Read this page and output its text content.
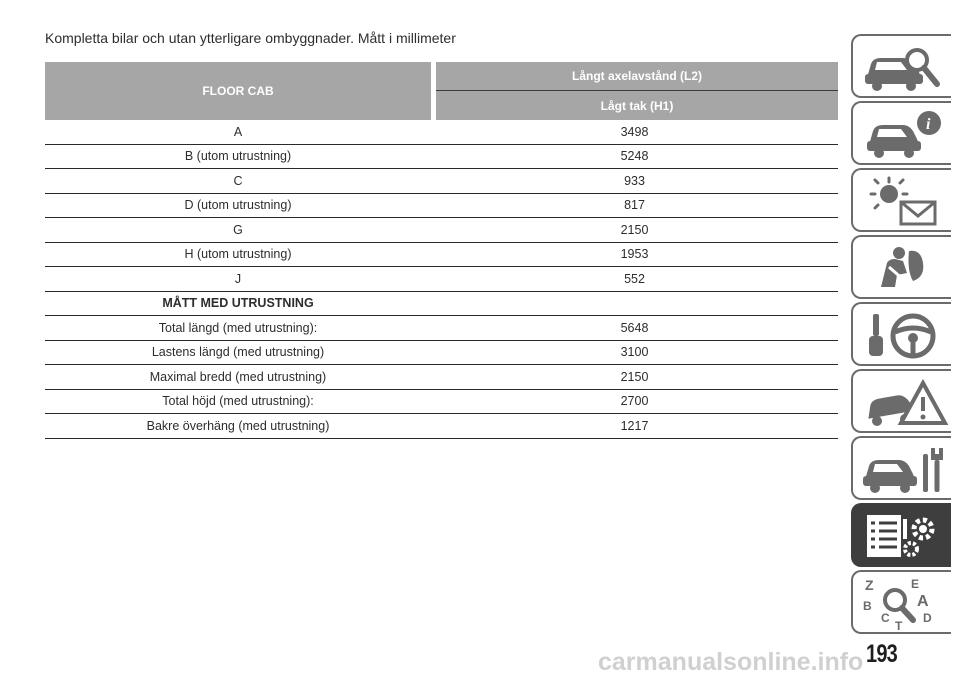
Kompletta bilar och utan ytterligare ombyggnader. Mått i millimeter
FLOOR CAB
Långt axelavstånd (L2)
Lågt tak (H1)
A	3498
B (utom utrustning)	5248
C	933
D (utom utrustning)	817
G	2150
H (utom utrustning)	1953
J	552
MÅTT MED UTRUSTNING
Total längd (med utrustning):	5648
Lastens längd (med utrustning)	3100
Maximal bredd (med utrustning)	2150
Total höjd (med utrustning):	2700
Bakre överhäng (med utrustning)	1217
i
Z	E
B	A
D
C
T
193
carmanualsonline.info
